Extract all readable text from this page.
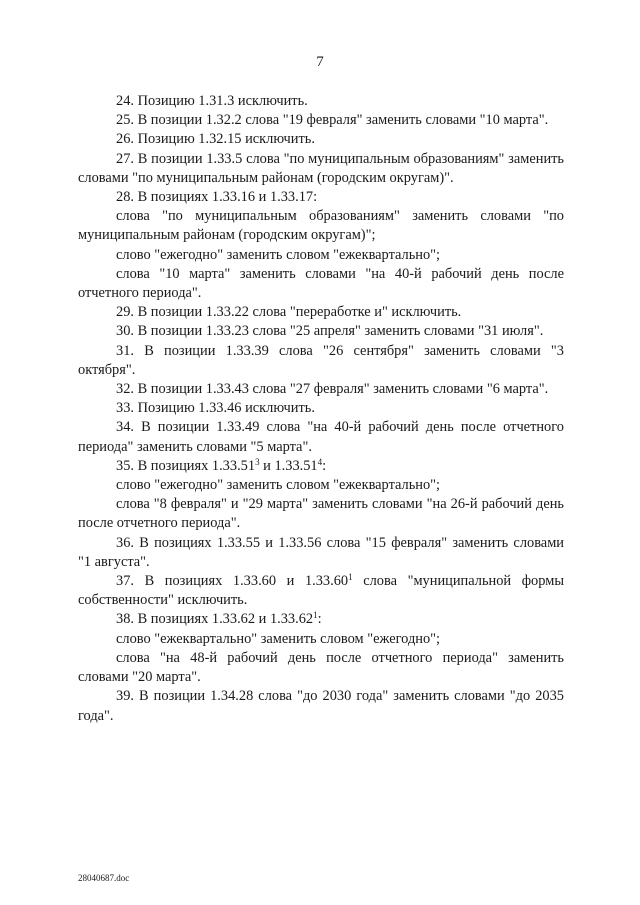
7

24. Позицию 1.31.3 исключить.

25. В позиции 1.32.2 слова "19 февраля" заменить словами "10 марта".

26. Позицию 1.32.15 исключить.

27. В позиции 1.33.5 слова "по муниципальным образованиям" заменить словами "по муниципальным районам (городским округам)".

28. В позициях 1.33.16 и 1.33.17:

слова "по муниципальным образованиям" заменить словами "по муниципальным районам (городским округам)";

слово "ежегодно" заменить словом "ежеквартально";

слова "10 марта" заменить словами "на 40-й рабочий день после отчетного периода".

29. В позиции 1.33.22 слова "переработке и" исключить.

30. В позиции 1.33.23 слова "25 апреля" заменить словами "31 июля".

31. В позиции 1.33.39 слова "26 сентября" заменить словами "3 октября".

32. В позиции 1.33.43 слова "27 февраля" заменить словами "6 марта".

33. Позицию 1.33.46 исключить.

34. В позиции 1.33.49 слова "на 40-й рабочий день после отчетного периода" заменить словами "5 марта".

35. В позициях 1.33.51$^3$ и 1.33.51$^4$:

слово "ежегодно" заменить словом "ежеквартально";

слова "8 февраля" и "29 марта" заменить словами "на 26-й рабочий день после отчетного периода".

36. В позициях 1.33.55 и 1.33.56 слова "15 февраля" заменить словами "1 августа".

37. В позициях 1.33.60 и 1.33.60$^1$ слова "муниципальной формы собственности" исключить.

38. В позициях 1.33.62 и 1.33.62$^1$:

слово "ежеквартально" заменить словом "ежегодно";

слова "на 48-й рабочий день после отчетного периода" заменить словами "20 марта".

39. В позиции 1.34.28 слова "до 2030 года" заменить словами "до 2035 года".

28040687.doc
